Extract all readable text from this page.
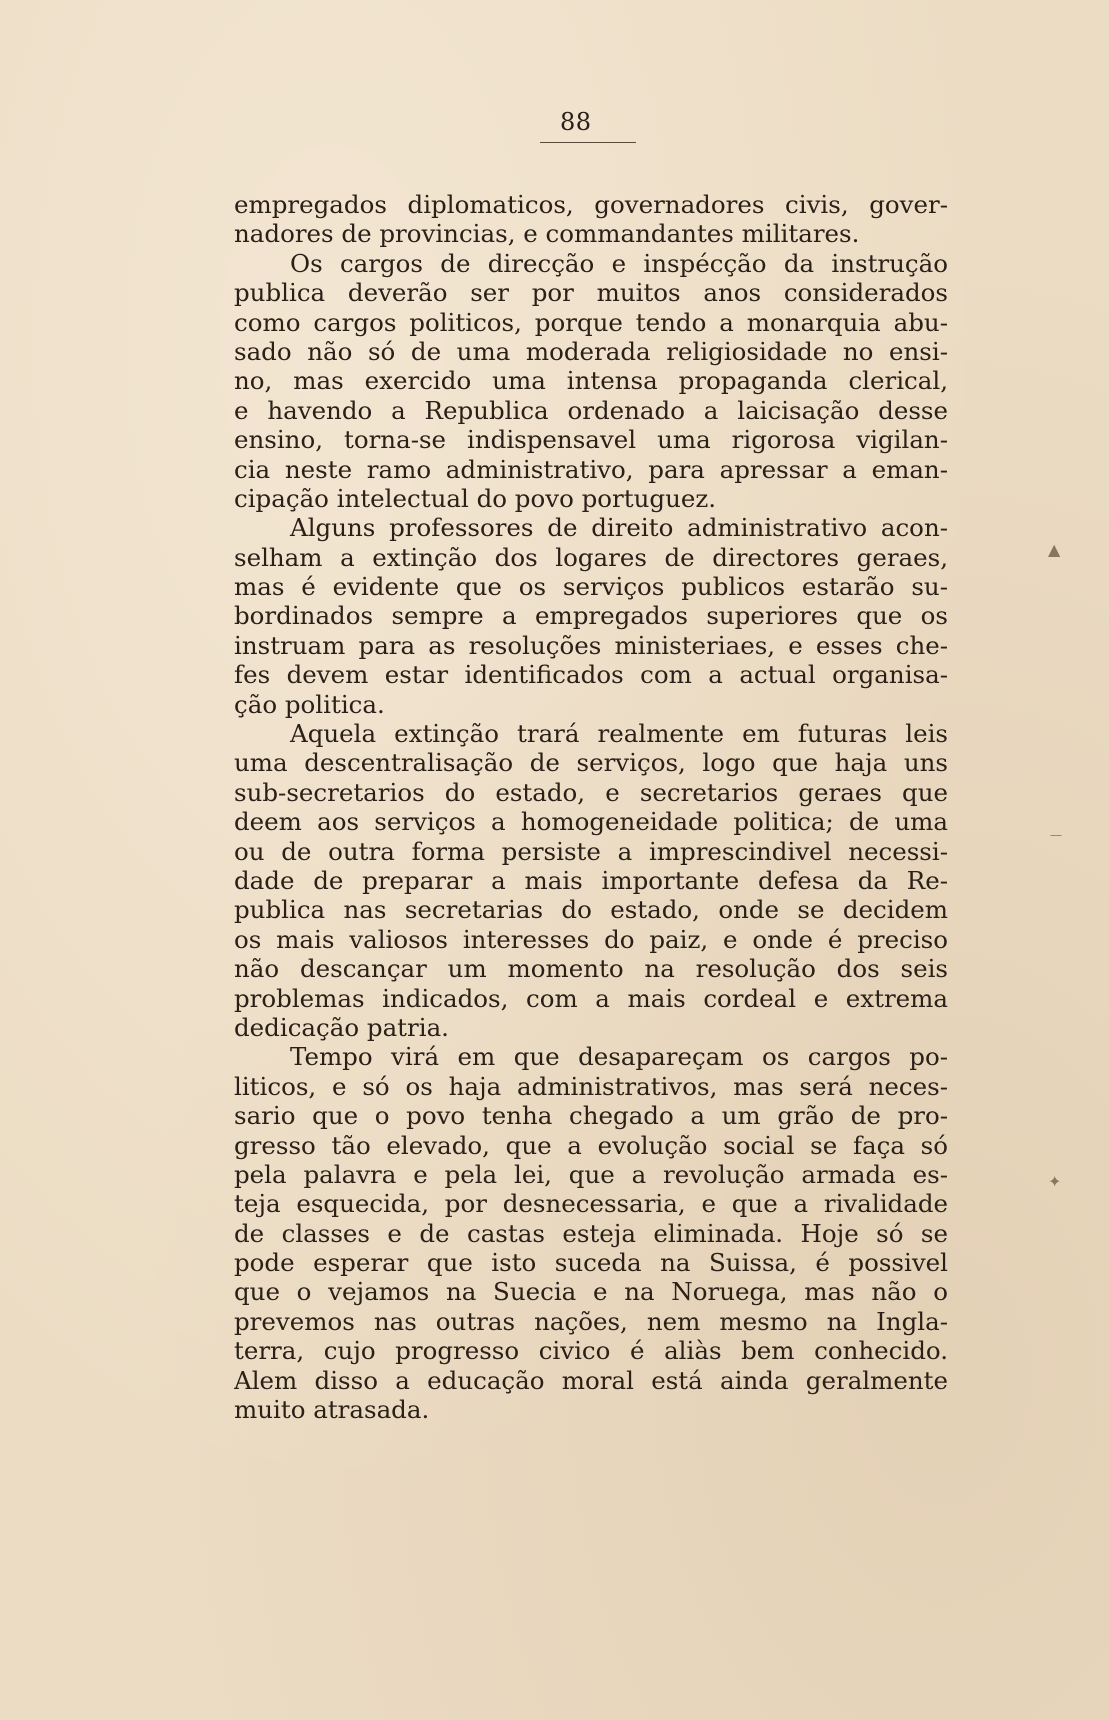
88
empregados diplomaticos, governadores civis, gover-
nadores de provincias, e commandantes militares.
Os cargos de direcção e inspécção da instrução
publica deverão ser por muitos anos considerados
como cargos politicos, porque tendo a monarquia abu-
sado não só de uma moderada religiosidade no ensi-
no, mas exercido uma intensa propaganda clerical,
e havendo a Republica ordenado a laicisação desse
ensino, torna-se indispensavel uma rigorosa vigilan-
cia neste ramo administrativo, para apressar a eman-
cipação intelectual do povo portuguez.
Alguns professores de direito administrativo acon-
selham a extinção dos logares de directores geraes,
mas é evidente que os serviços publicos estarão su-
bordinados sempre a empregados superiores que os
instruam para as resoluções ministeriaes, e esses che-
fes devem estar identificados com a actual organisa-
ção politica.
Aquela extinção trará realmente em futuras leis
uma descentralisação de serviços, logo que haja uns
sub-secretarios do estado, e secretarios geraes que
deem aos serviços a homogeneidade politica; de uma
ou de outra forma persiste a imprescindivel necessi-
dade de preparar a mais importante defesa da Re-
publica nas secretarias do estado, onde se decidem
os mais valiosos interesses do paiz, e onde é preciso
não descançar um momento na resolução dos seis
problemas indicados, com a mais cordeal e extrema
dedicação patria.
Tempo virá em que desapareçam os cargos po-
liticos, e só os haja administrativos, mas será neces-
sario que o povo tenha chegado a um grão de pro-
gresso tão elevado, que a evolução social se faça só
pela palavra e pela lei, que a revolução armada es-
teja esquecida, por desnecessaria, e que a rivalidade
de classes e de castas esteja eliminada. Hoje só se
pode esperar que isto suceda na Suissa, é possivel
que o vejamos na Suecia e na Noruega, mas não o
prevemos nas outras nações, nem mesmo na Ingla-
terra, cujo progresso civico é aliàs bem conhecido.
Alem disso a educação moral está ainda geralmente
muito atrasada.
▲
✦
—
